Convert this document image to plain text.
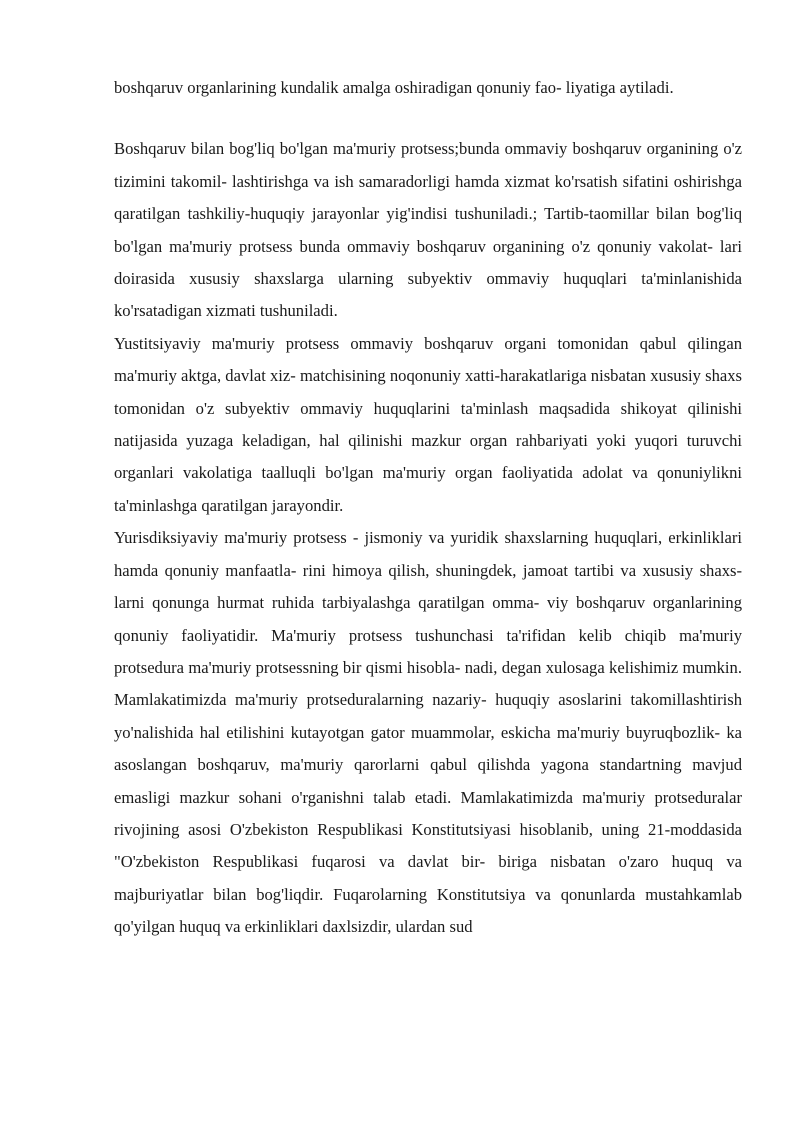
boshqaruv organlarining kundalik amalga oshiradigan qonuniy fao- liyatiga aytiladi.

Boshqaruv bilan bog'liq bo'lgan ma'muriy protsess;bunda ommaviy boshqaruv organining o'z tizimini takomil- lashtirishga va ish samaradorligi hamda xizmat ko'rsatish sifatini oshirishga qaratilgan tashkiliy-huquqiy jarayonlar yig'indisi tushuniladi.; Tartib-taomillar bilan bog'liq bo'lgan ma'muriy protsess bunda ommaviy boshqaruv organining o'z qonuniy vakolat- lari doirasida xususiy shaxslarga ularning subyektiv ommaviy huquqlari ta'minlanishida ko'rsatadigan xizmati tushuniladi.

Yustitsiyaviy ma'muriy protsess ommaviy boshqaruv organi tomonidan qabul qilingan ma'muriy aktga, davlat xiz- matchisining noqonuniy xatti-harakatlariga nisbatan xususiy shaxs tomonidan o'z subyektiv ommaviy huquqlarini ta'minlash maqsadida shikoyat qilinishi natijasida yuzaga keladigan, hal qilinishi mazkur organ rahbariyati yoki yuqori turuvchi organlari vakolatiga taalluqli bo'lgan ma'muriy organ faoliyatida adolat va qonuniylikni ta'minlashga qaratilgan jarayondir.

Yurisdiksiyaviy ma'muriy protsess - jismoniy va yuridik shaxslarning huquqlari, erkinliklari hamda qonuniy manfaatla- rini himoya qilish, shuningdek, jamoat tartibi va xususiy shaxs- larni qonunga hurmat ruhida tarbiyalashga qaratilgan omma- viy boshqaruv organlarining qonuniy faoliyatidir. Ma'muriy protsess tushunchasi ta'rifidan kelib chiqib ma'muriy protsedura ma'muriy protsessning bir qismi hisobla- nadi, degan xulosaga kelishimiz mumkin. Mamlakatimizda ma'muriy protseduralarning nazariy- huquqiy asoslarini takomillashtirish yo'nalishida hal etilishini kutayotgan gator muammolar, eskicha ma'muriy buyruqbozlik- ka asoslangan boshqaruv, ma'muriy qarorlarni qabul qilishda yagona standartning mavjud emasligi mazkur sohani o'rganishni talab etadi. Mamlakatimizda ma'muriy protseduralar rivojining asosi O'zbekiston Respublikasi Konstitutsiyasi hisoblanib, uning 21-moddasida "O'zbekiston Respublikasi fuqarosi va davlat bir- biriga nisbatan o'zaro huquq va majburiyatlar bilan bog'liqdir. Fuqarolarning Konstitutsiya va qonunlarda mustahkamlab qo'yilgan huquq va erkinliklari daxlsizdir, ulardan sud
